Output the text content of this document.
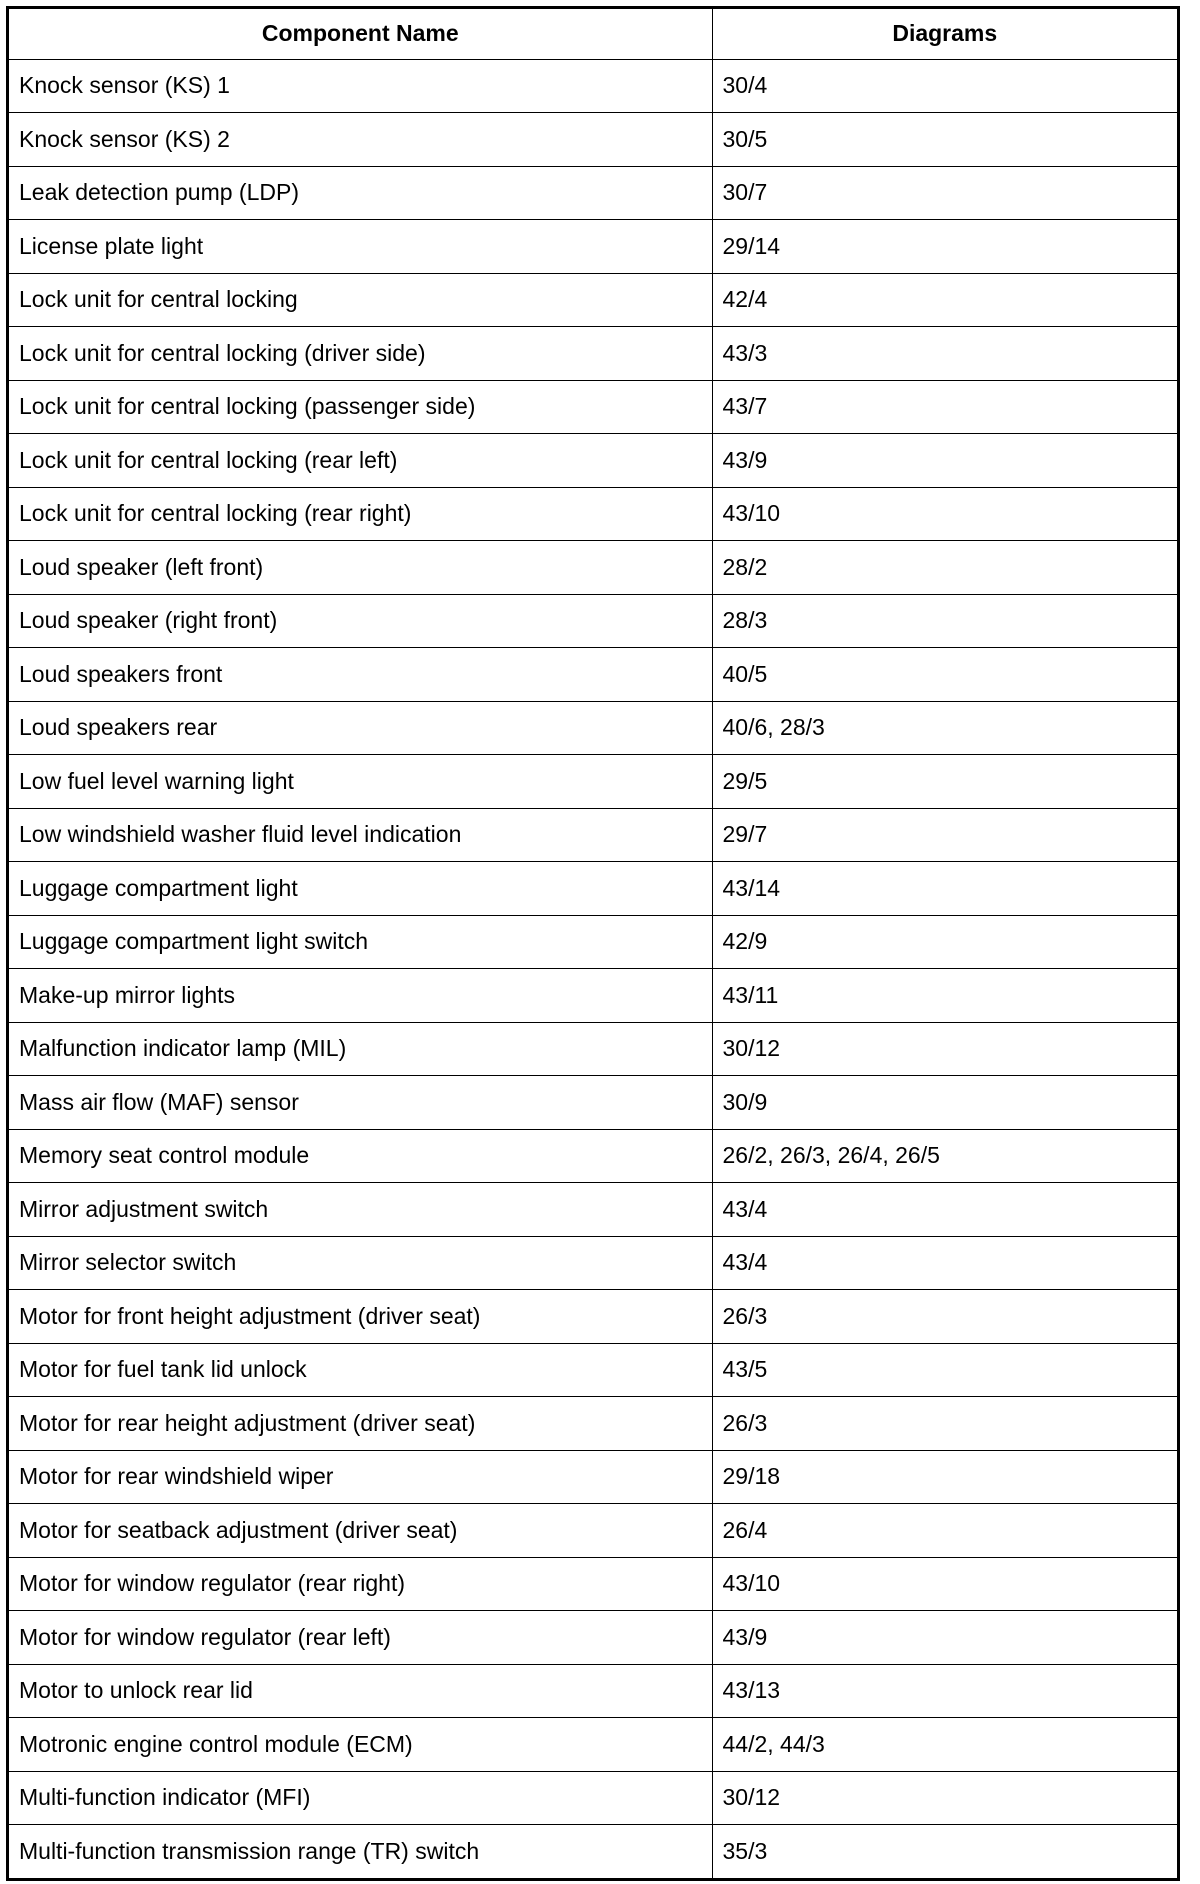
Component Name	Diagrams
Knock sensor (KS) 1	30/4
Knock sensor (KS) 2	30/5
Leak detection pump (LDP)	30/7
License plate light	29/14
Lock unit for central locking	42/4
Lock unit for central locking (driver side)	43/3
Lock unit for central locking (passenger side)	43/7
Lock unit for central locking (rear left)	43/9
Lock unit for central locking (rear right)	43/10
Loud speaker (left front)	28/2
Loud speaker (right front)	28/3
Loud speakers front	40/5
Loud speakers rear	40/6, 28/3
Low fuel level warning light	29/5
Low windshield washer fluid level indication	29/7
Luggage compartment light	43/14
Luggage compartment light switch	42/9
Make-up mirror lights	43/11
Malfunction indicator lamp (MIL)	30/12
Mass air flow (MAF) sensor	30/9
Memory seat control module	26/2, 26/3, 26/4, 26/5
Mirror adjustment switch	43/4
Mirror selector switch	43/4
Motor for front height adjustment (driver seat)	26/3
Motor for fuel tank lid unlock	43/5
Motor for rear height adjustment (driver seat)	26/3
Motor for rear windshield wiper	29/18
Motor for seatback adjustment (driver seat)	26/4
Motor for window regulator (rear right)	43/10
Motor for window regulator (rear left)	43/9
Motor to unlock rear lid	43/13
Motronic engine control module (ECM)	44/2, 44/3
Multi-function indicator (MFI)	30/12
Multi-function transmission range (TR) switch	35/3
